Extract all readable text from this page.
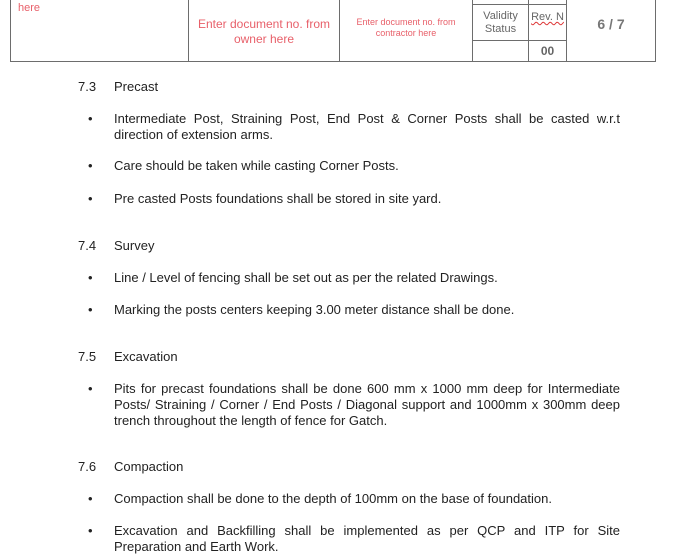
here
Enter document no. from owner here
Enter document no. from contractor here
Validity Status
Rev. N
00
6 / 7
7.3 Precast
• Intermediate Post, Straining Post, End Post & Corner Posts shall be casted w.r.t direction of extension arms.
• Care should be taken while casting Corner Posts.
• Pre casted Posts foundations shall be stored in site yard.
7.4 Survey
• Line / Level of fencing shall be set out as per the related Drawings.
• Marking the posts centers keeping 3.00 meter distance shall be done.
7.5 Excavation
• Pits for precast foundations shall be done 600 mm x 1000 mm deep for Intermediate Posts/ Straining / Corner / End Posts / Diagonal support and 1000mm x 300mm deep trench throughout the length of fence for Gatch.
7.6 Compaction
• Compaction shall be done to the depth of 100mm on the base of foundation.
• Excavation and Backfilling shall be implemented as per QCP and ITP for Site Preparation and Earth Work.
